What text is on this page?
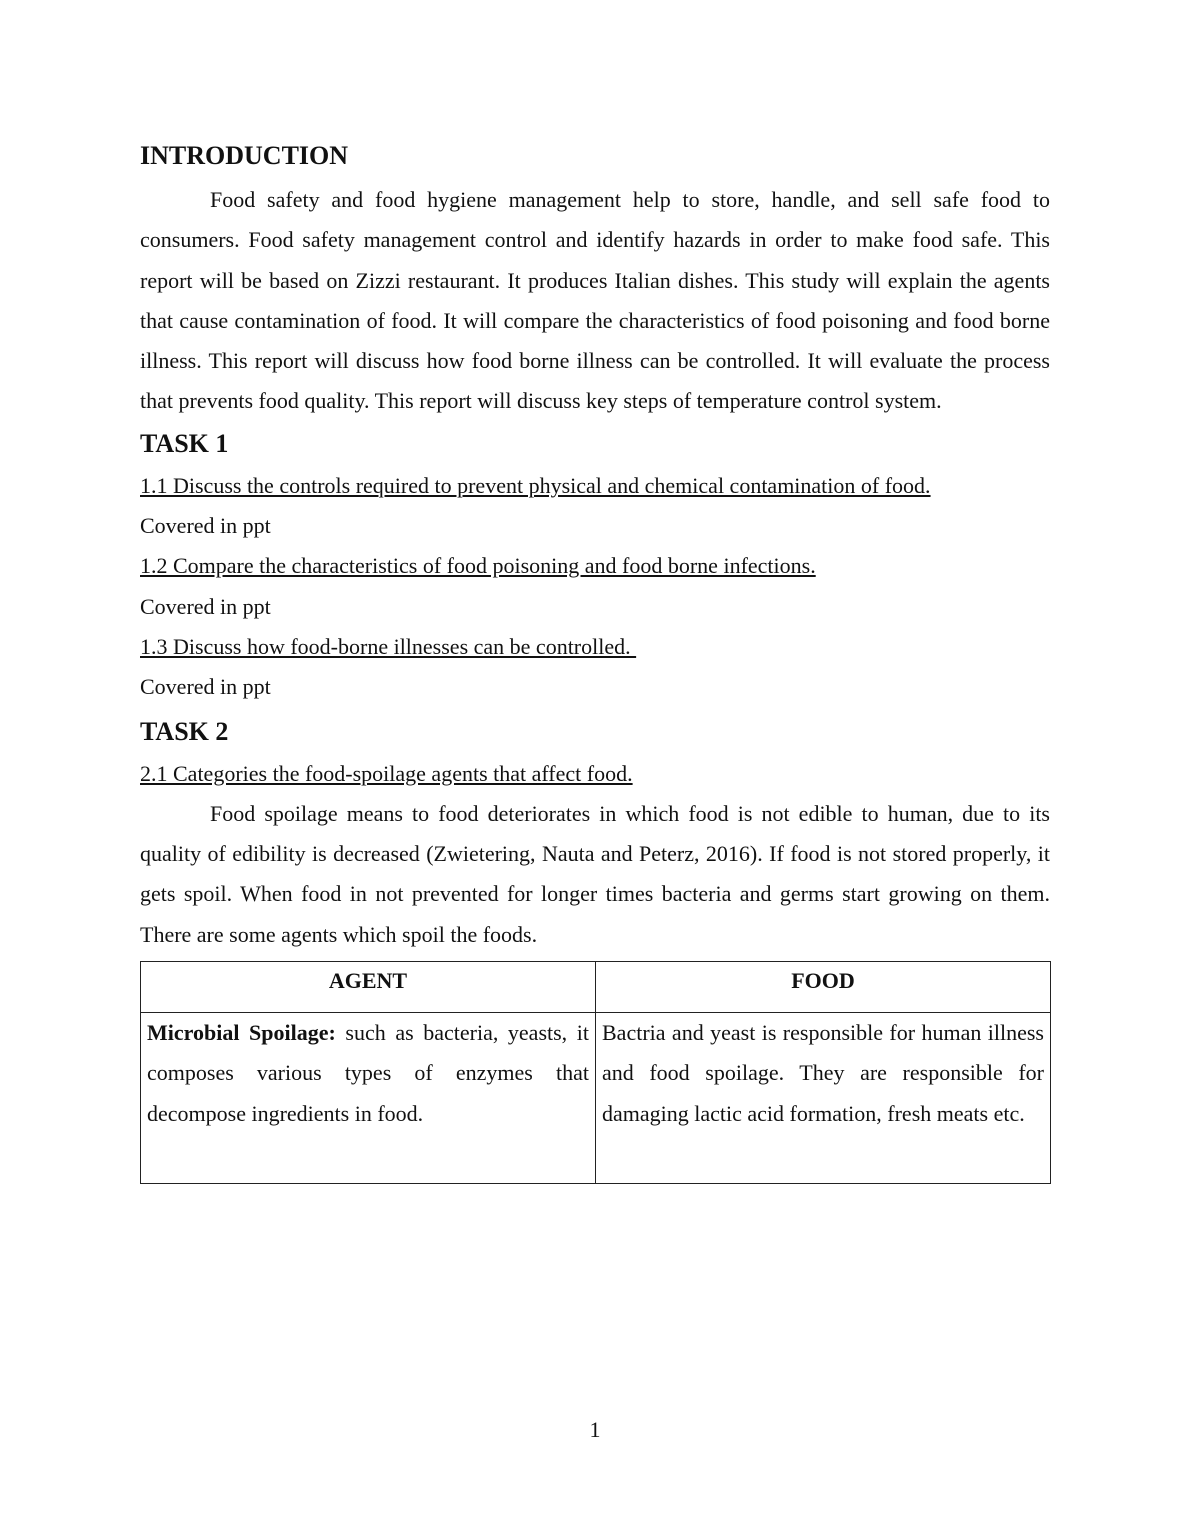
INTRODUCTION

Food safety and food hygiene management help to store, handle, and sell safe food to consumers. Food safety management control and identify hazards in order to make food safe. This report will be based on Zizzi restaurant. It produces Italian dishes. This study will explain the agents that cause contamination of food. It will compare the characteristics of food poisoning and food borne illness. This report will discuss how food borne illness can be controlled. It will evaluate the process that prevents food quality. This report will discuss key steps of temperature control system.

TASK 1

1.1 Discuss the controls required to prevent physical and chemical contamination of food.

Covered in ppt

1.2 Compare the characteristics of food poisoning and food borne infections.

Covered in ppt

1.3 Discuss how food-borne illnesses can be controlled.

Covered in ppt

TASK 2

2.1 Categories the food-spoilage agents that affect food.

Food spoilage means to food deteriorates in which food is not edible to human, due to its quality of edibility is decreased (Zwietering, Nauta and Peterz, 2016). If food is not stored properly, it gets spoil. When food in not prevented for longer times bacteria and germs start growing on them. There are some agents which spoil the foods.

AGENT	FOOD
Microbial Spoilage: such as bacteria, yeasts, it composes various types of enzymes that decompose ingredients in food.	Bactria and yeast is responsible for human illness and food spoilage. They are responsible for damaging lactic acid formation, fresh meats etc.
1
